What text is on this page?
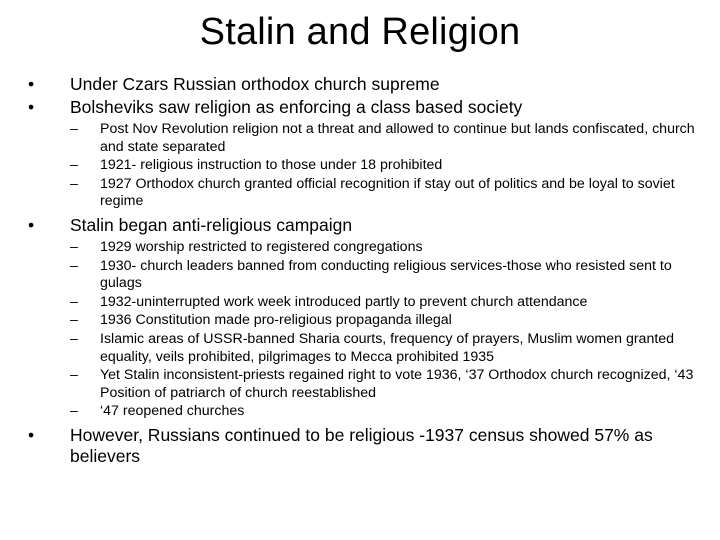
Stalin and Religion
• Under Czars Russian orthodox church supreme
• Bolsheviks saw religion as enforcing a class based society
– Post Nov Revolution religion not a threat and allowed to continue but lands confiscated, church and state separated
– 1921- religious instruction to those under 18 prohibited
– 1927 Orthodox church granted official recognition if stay out of politics and be loyal to soviet regime
• Stalin began anti-religious campaign
– 1929 worship restricted to registered congregations
– 1930- church leaders banned from conducting religious services-those who resisted sent to gulags
– 1932-uninterrupted work week introduced partly to prevent church attendance
– 1936 Constitution made pro-religious propaganda illegal
– Islamic areas of USSR-banned Sharia courts, frequency of prayers, Muslim women granted equality, veils prohibited, pilgrimages to Mecca prohibited 1935
– Yet Stalin inconsistent-priests regained right to vote 1936, ‘37 Orthodox church recognized, ‘43 Position of patriarch of church reestablished
– ‘47 reopened churches
• However, Russians continued to be religious -1937 census showed 57% as believers
